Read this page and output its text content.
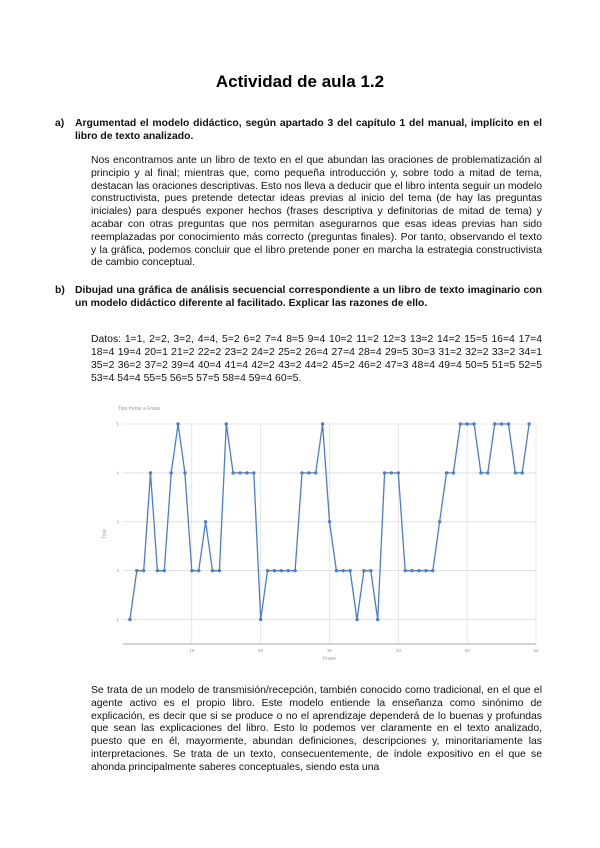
Actividad de aula 1.2
a) Argumentad el modelo didáctico, según apartado 3 del capítulo 1 del manual, implícito en el libro de texto analizado.
Nos encontramos ante un libro de texto en el que abundan las oraciones de problematización al principio y al final; mientras que, como pequeña introducción y, sobre todo a mitad de tema, destacan las oraciones descriptivas. Esto nos lleva a deducir que el libro intenta seguir un modelo constructivista, pues pretende detectar ideas previas al inicio del tema (de hay las preguntas iniciales) para después exponer hechos (frases descriptiva y definitorias de mitad de tema) y acabar con otras preguntas que nos permitan asegurarnos que esas ideas previas han sido reemplazadas por conocimiento más correcto (preguntas finales). Por tanto, observando el texto y la gráfica, podemos concluir que el libro pretende poner en marcha la estrategia constructivista de cambio conceptual.
b) Dibujad una gráfica de análisis secuencial correspondiente a un libro de texto imaginario con un modelo didáctico diferente al facilitado. Explicar las razones de ello.
Datos: 1=1, 2=2, 3=2, 4=4, 5=2 6=2 7=4 8=5 9=4 10=2 11=2 12=3 13=2 14=2 15=5 16=4 17=4 18=4 19=4 20=1 21=2 22=2 23=2 24=2 25=2 26=4 27=4 28=4 29=5 30=3 31=2 32=2 33=2 34=1 35=2 36=2 37=2 39=4 40=4 41=4 42=2 43=2 44=2 45=2 46=2 47=3 48=4 49=4 50=5 51=5 52=5 53=4 54=4 55=5 56=5 57=5 58=4 59=4 60=5.
Tipo frente a Frase
1
2
3
4
5
10	20	30	40	50	60
Tipo
Frase
Se trata de un modelo de transmisión/recepción, también conocido como tradicional, en el que el agente activo es el propio libro. Este modelo entiende la enseñanza como sinónimo de explicación, es decir que si se produce o no el aprendizaje dependerá de lo buenas y profundas que sean las explicaciones del libro. Esto lo podemos ver claramente en el texto analizado, puesto que en él, mayormente, abundan definiciones, descripciones y, minoritariamente las interpretaciones. Se trata de un texto, consecuentemente, de índole expositivo en el que se ahonda principalmente saberes conceptuales, siendo esta una
